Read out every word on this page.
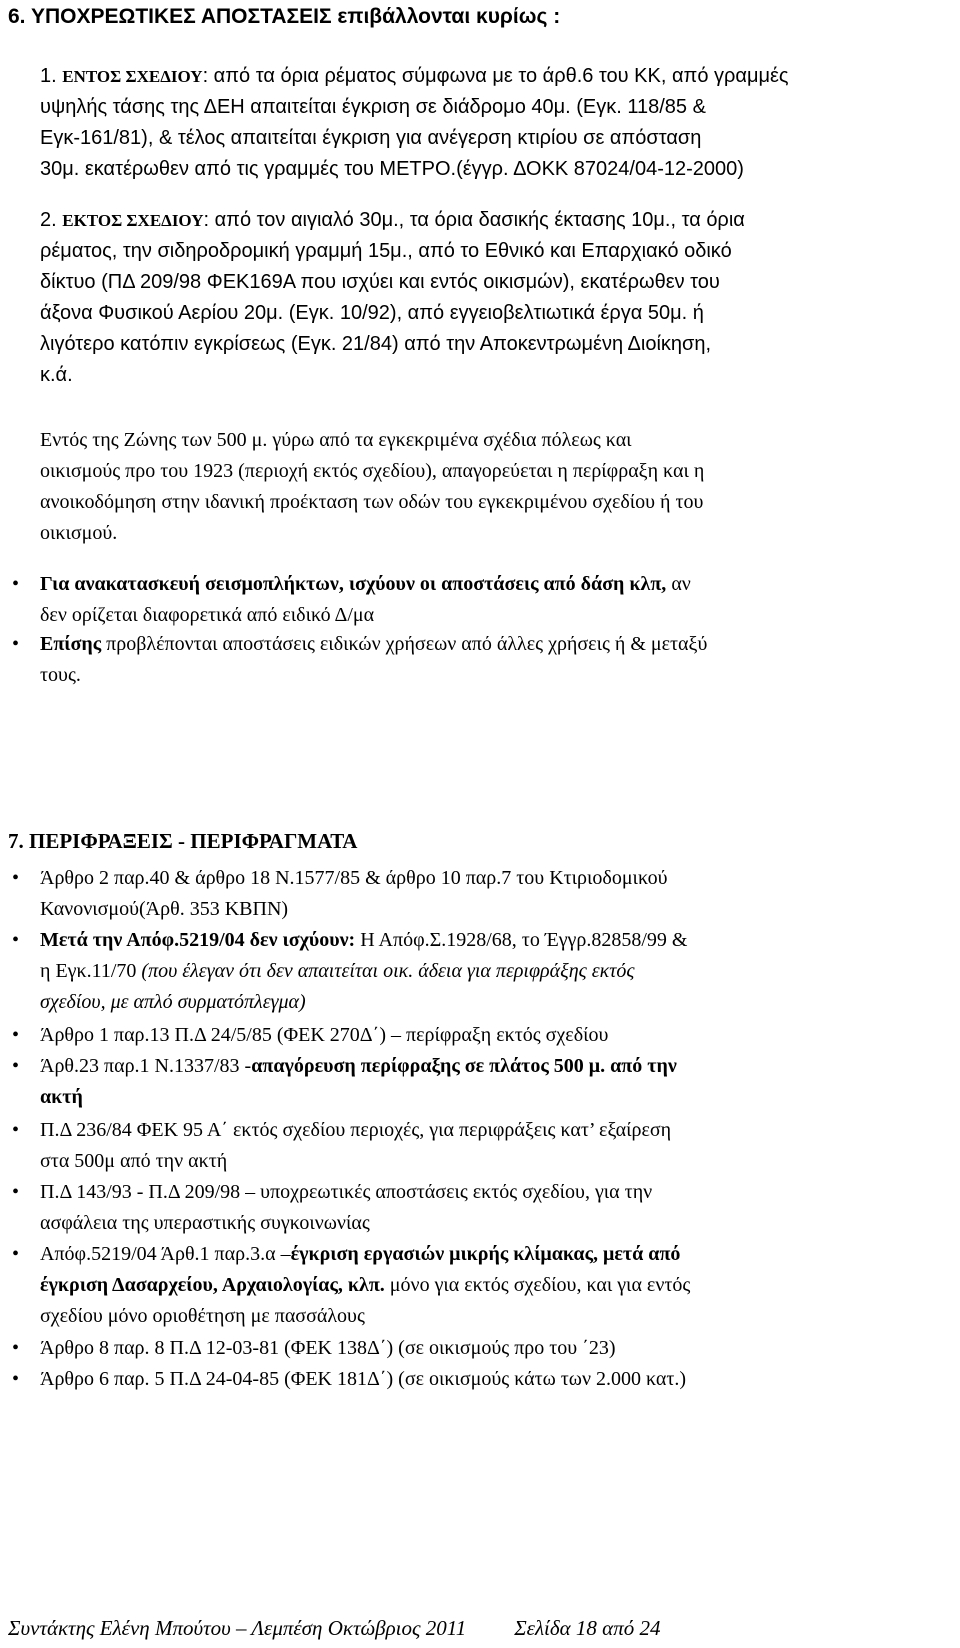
6. ΥΠΟΧΡΕΩΤΙΚΕΣ ΑΠΟΣΤΑΣΕΙΣ επιβάλλονται κυρίως :
1. ΕΝΤΟΣ ΣΧΕΔΙΟΥ: από τα όρια ρέματος σύμφωνα με το άρθ.6 του ΚΚ, από γραμμές
υψηλής τάσης της ΔΕΗ απαιτείται έγκριση σε διάδρομο 40μ. (Εγκ. 118/85 &
Εγκ-161/81), & τέλος απαιτείται έγκριση για ανέγερση κτιρίου σε απόσταση
30μ. εκατέρωθεν από τις γραμμές του ΜΕΤΡΟ.(έγγρ. ΔΟΚΚ 87024/04-12-2000)
2. ΕΚΤΟΣ ΣΧΕΔΙΟΥ: από τον αιγιαλό 30μ., τα όρια δασικής έκτασης 10μ., τα όρια
ρέματος, την σιδηροδρομική γραμμή 15μ., από το Εθνικό και Επαρχιακό οδικό
δίκτυο (ΠΔ 209/98 ΦΕΚ169Α που ισχύει και εντός οικισμών), εκατέρωθεν του
άξονα Φυσικού Αερίου 20μ. (Εγκ. 10/92), από εγγειοβελτιωτικά έργα 50μ. ή
λιγότερο κατόπιν εγκρίσεως (Εγκ. 21/84) από την Αποκεντρωμένη Διοίκηση,
κ.ά.
Εντός της Ζώνης των 500 μ. γύρω από τα εγκεκριμένα σχέδια πόλεως και
οικισμούς προ του 1923 (περιοχή εκτός σχεδίου), απαγορεύεται η περίφραξη και η
ανοικοδόμηση στην ιδανική προέκταση των οδών του εγκεκριμένου σχεδίου ή του
οικισμού.
• Για ανακατασκευή σεισμοπλήκτων, ισχύουν οι αποστάσεις από δάση κλπ, αν
δεν ορίζεται διαφορετικά από ειδικό Δ/μα
• Επίσης προβλέπονται αποστάσεις ειδικών χρήσεων από άλλες χρήσεις ή & μεταξύ
τους.
7. ΠΕΡΙΦΡΑΞΕΙΣ - ΠΕΡΙΦΡΑΓΜΑΤΑ
• Άρθρο 2 παρ.40 & άρθρο 18 Ν.1577/85 & άρθρο 10 παρ.7 του Κτιριοδομικού
Κανονισμού(Άρθ. 353 ΚΒΠΝ)
• Μετά την Απόφ.5219/04 δεν ισχύουν: Η Απόφ.Σ.1928/68, το Έγγρ.82858/99 &
η Εγκ.11/70 (που έλεγαν ότι δεν απαιτείται οικ. άδεια για περιφράξης εκτός
σχεδίου, με απλό συρματόπλεγμα)
• Άρθρο 1 παρ.13 Π.Δ 24/5/85 (ΦΕΚ 270Δ΄) – περίφραξη εκτός σχεδίου
• Άρθ.23 παρ.1 Ν.1337/83 -απαγόρευση περίφραξης σε πλάτος 500 μ. από την
ακτή
• Π.Δ 236/84 ΦΕΚ 95 Α΄ εκτός σχεδίου περιοχές, για περιφράξεις κατ’ εξαίρεση
στα 500μ από την ακτή
• Π.Δ 143/93 - Π.Δ 209/98 – υποχρεωτικές αποστάσεις εκτός σχεδίου, για την
ασφάλεια της υπεραστικής συγκοινωνίας
• Απόφ.5219/04 Άρθ.1 παρ.3.α –έγκριση εργασιών μικρής κλίμακας, μετά από
έγκριση Δασαρχείου, Αρχαιολογίας, κλπ. μόνο για εκτός σχεδίου, και για εντός
σχεδίου μόνο οριοθέτηση με πασσάλους
• Άρθρο 8 παρ. 8 Π.Δ 12-03-81 (ΦΕΚ 138Δ΄) (σε οικισμούς προ του ΄23)
• Άρθρο 6 παρ. 5 Π.Δ 24-04-85 (ΦΕΚ 181Δ΄) (σε οικισμούς κάτω των 2.000 κατ.)
Συντάκτης Ελένη Μπούτου – Λεμπέση Οκτώβριος 2011 Σελίδα 18 από 24
